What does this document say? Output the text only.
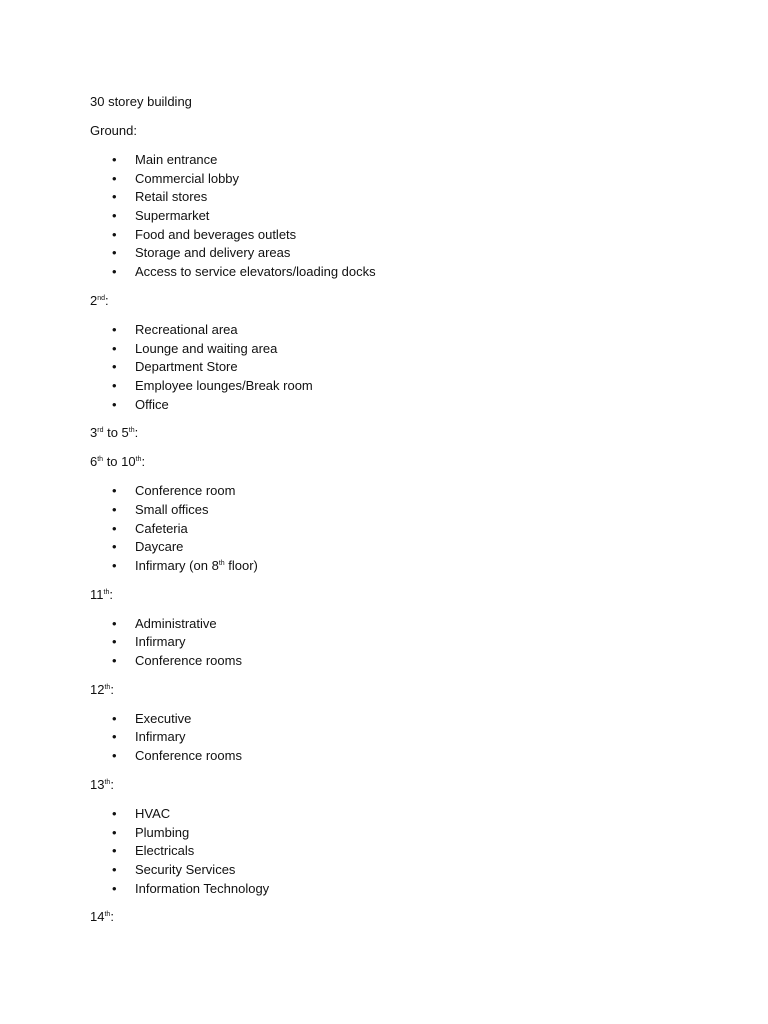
30 storey building

Ground:

• Main entrance
• Commercial lobby
• Retail stores
• Supermarket
• Food and beverages outlets
• Storage and delivery areas
• Access to service elevators/loading docks

2nd:

• Recreational area
• Lounge and waiting area
• Department Store
• Employee lounges/Break room
• Office

3rd to 5th:

6th to 10th:

• Conference room
• Small offices
• Cafeteria
• Daycare
• Infirmary (on 8th floor)

11th:

• Administrative
• Infirmary
• Conference rooms

12th:

• Executive
• Infirmary
• Conference rooms

13th:

• HVAC
• Plumbing
• Electricals
• Security Services
• Information Technology

14th:
